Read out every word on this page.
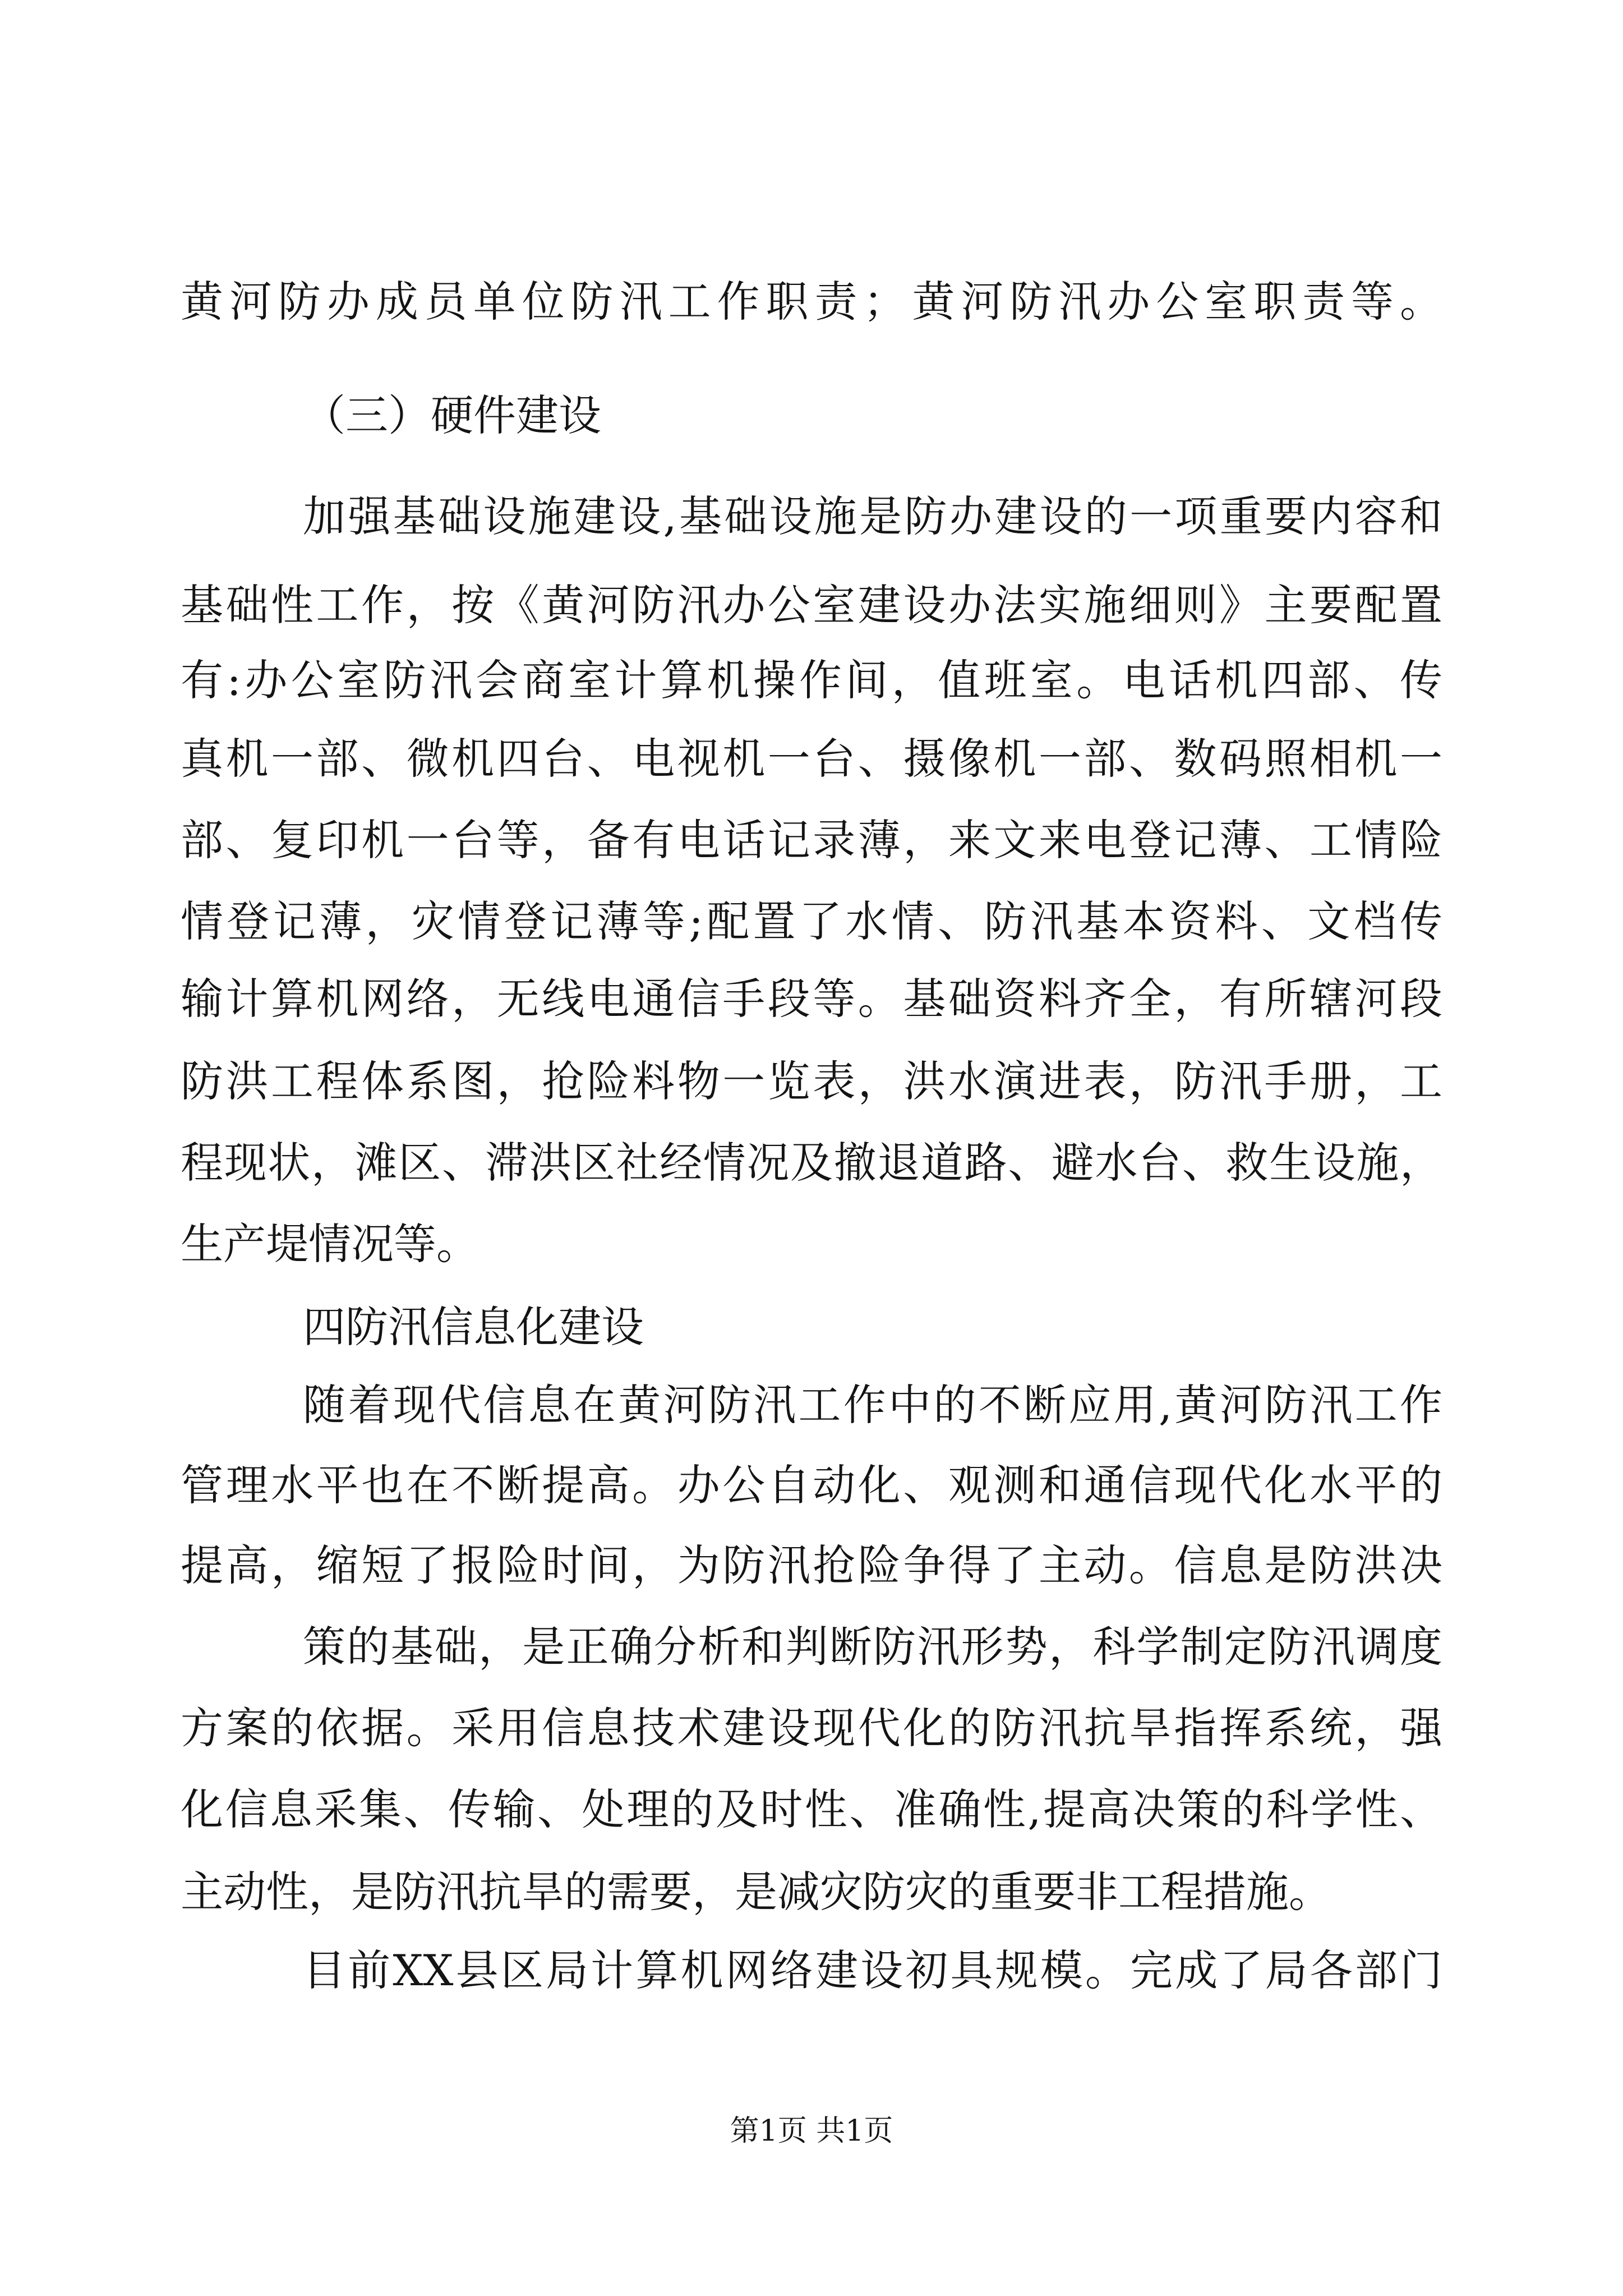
黄河防办成员单位防汛工作职责；黄河防汛办公室职责等。

（三）硬件建设

加强基础设施建设,基础设施是防办建设的一项重要内容和

基础性工作，按《黄河防汛办公室建设办法实施细则》主要配置

有:办公室防汛会商室计算机操作间，值班室。电话机四部、传

真机一部、微机四台、电视机一台、摄像机一部、数码照相机一

部、复印机一台等，备有电话记录薄，来文来电登记薄、工情险

情登记薄，灾情登记薄等;配置了水情、防汛基本资料、文档传

输计算机网络，无线电通信手段等。基础资料齐全，有所辖河段

防洪工程体系图，抢险料物一览表，洪水演进表，防汛手册，工

程现状，滩区、滞洪区社经情况及撤退道路、避水台、救生设施，

生产堤情况等。

四防汛信息化建设

随着现代信息在黄河防汛工作中的不断应用,黄河防汛工作

管理水平也在不断提高。办公自动化、观测和通信现代化水平的

提高，缩短了报险时间，为防汛抢险争得了主动。信息是防洪决

策的基础，是正确分析和判断防汛形势，科学制定防汛调度

方案的依据。采用信息技术建设现代化的防汛抗旱指挥系统，强

化信息采集、传输、处理的及时性、准确性,提高决策的科学性、

主动性，是防汛抗旱的需要，是减灾防灾的重要非工程措施。

目前XX县区局计算机网络建设初具规模。完成了局各部门

第1页 共1页
